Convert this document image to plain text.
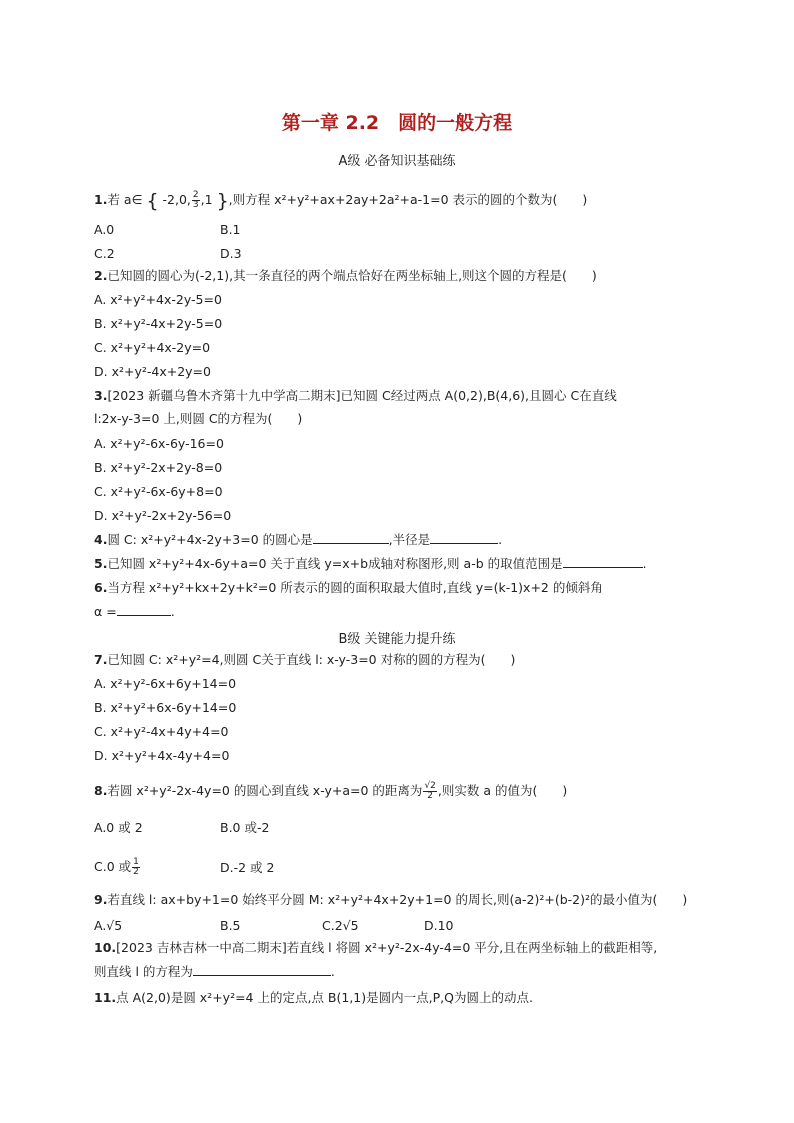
第一章 2.2　圆的一般方程
A级 必备知识基础练
1.若 a∈ { -2,0, $\frac{2}{3} ,1$ },则方程 x²+y²+ax+2ay+2a²+a-1=0 表示的圆的个数为(　　)
A.0	B.1
C.2	D.3
2.已知圆的圆心为(-2,1),其一条直径的两个端点恰好在两坐标轴上,则这个圆的方程是(　　)
A. x²+y²+4x-2y-5=0
B. x²+y²-4x+2y-5=0
C. x²+y²+4x-2y=0
D. x²+y²-4x+2y=0
3.[2023 新疆乌鲁木齐第十九中学高二期末]已知圆 C经过两点 A(0,2),B(4,6),且圆心 C在直线
l:2x-y-3=0 上,则圆 C的方程为(　　)
A. x²+y²-6x-6y-16=0
B. x²+y²-2x+2y-8=0
C. x²+y²-6x-6y+8=0
D. x²+y²-2x+2y-56=0
4.圆 C: x²+y²+4x-2y+3=0 的圆心是	,半径是	.
5.已知圆 x²+y²+4x-6y+a=0 关于直线 y=x+b成轴对称图形,则 a-b 的取值范围是	.
6.当方程 x²+y²+kx+2y+k²=0 所表示的圆的面积取最大值时,直线 y=(k-1)x+2 的倾斜角
α =	.
B级 关键能力提升练
7.已知圆 C: x²+y²=4,则圆 C关于直线 l: x-y-3=0 对称的圆的方程为(　　)
A. x²+y²-6x+6y+14=0
B. x²+y²+6x-6y+14=0
C. x²+y²-4x+4y+4=0
D. x²+y²+4x-4y+4=0
8.若圆 x²+y²-2x-4y=0 的圆心到直线 x-y+a=0 的距离为 $\frac{√2}{2}$ ,则实数 a 的值为(　　)
A.0 或 2	B.0 或-2
C.0 或 $\frac{1}{2}$	D.-2 或 2
9.若直线 l: ax+by+1=0 始终平分圆 M: x²+y²+4x+2y+1=0 的周长,则(a-2)²+(b-2)²的最小值为(　　)
A.√5	B.5	C.2√5	D.10
10.[2023 吉林吉林一中高二期末]若直线 l 将圆 x²+y²-2x-4y-4=0 平分,且在两坐标轴上的截距相等,
则直线 l 的方程为	.
11.点 A(2,0)是圆 x²+y²=4 上的定点,点 B(1,1)是圆内一点,P,Q为圆上的动点.
